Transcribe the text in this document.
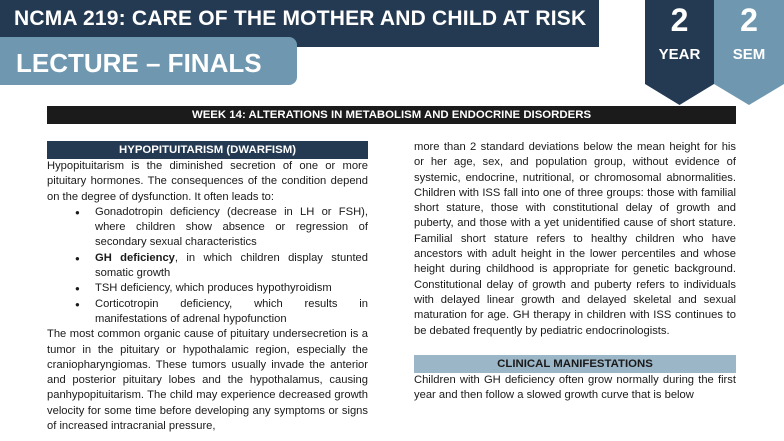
NCMA 219: CARE OF THE MOTHER AND CHILD AT RISK
LECTURE – FINALS
2
YEAR
2
SEM
WEEK 14: ALTERATIONS IN METABOLISM AND ENDOCRINE DISORDERS
HYPOPITUITARISM (DWARFISM)

Hypopituitarism is the diminished secretion of one or more pituitary hormones. The consequences of the condition depend on the degree of dysfunction. It often leads to:

● Gonadotropin deficiency (decrease in LH or FSH), where children show absence or regression of secondary sexual characteristics
● GH deficiency, in which children display stunted somatic growth
● TSH deficiency, which produces hypothyroidism
● Corticotropin deficiency, which results in manifestations of adrenal hypofunction

The most common organic cause of pituitary undersecretion is a tumor in the pituitary or hypothalamic region, especially the craniopharyngiomas. These tumors usually invade the anterior and posterior pituitary lobes and the hypothalamus, causing panhypopituitarism. The child may experience decreased growth velocity for some time before developing any symptoms or signs of increased intracranial pressure,

more than 2 standard deviations below the mean height for his or her age, sex, and population group, without evidence of systemic, endocrine, nutritional, or chromosomal abnormalities. Children with ISS fall into one of three groups: those with familial short stature, those with constitutional delay of growth and puberty, and those with a yet unidentified cause of short stature. Familial short stature refers to healthy children who have ancestors with adult height in the lower percentiles and whose height during childhood is appropriate for genetic background. Constitutional delay of growth and puberty refers to individuals with delayed linear growth and delayed skeletal and sexual maturation for age. GH therapy in children with ISS continues to be debated frequently by pediatric endocrinologists.

CLINICAL MANIFESTATIONS

Children with GH deficiency often grow normally during the first year and then follow a slowed growth curve that is below
